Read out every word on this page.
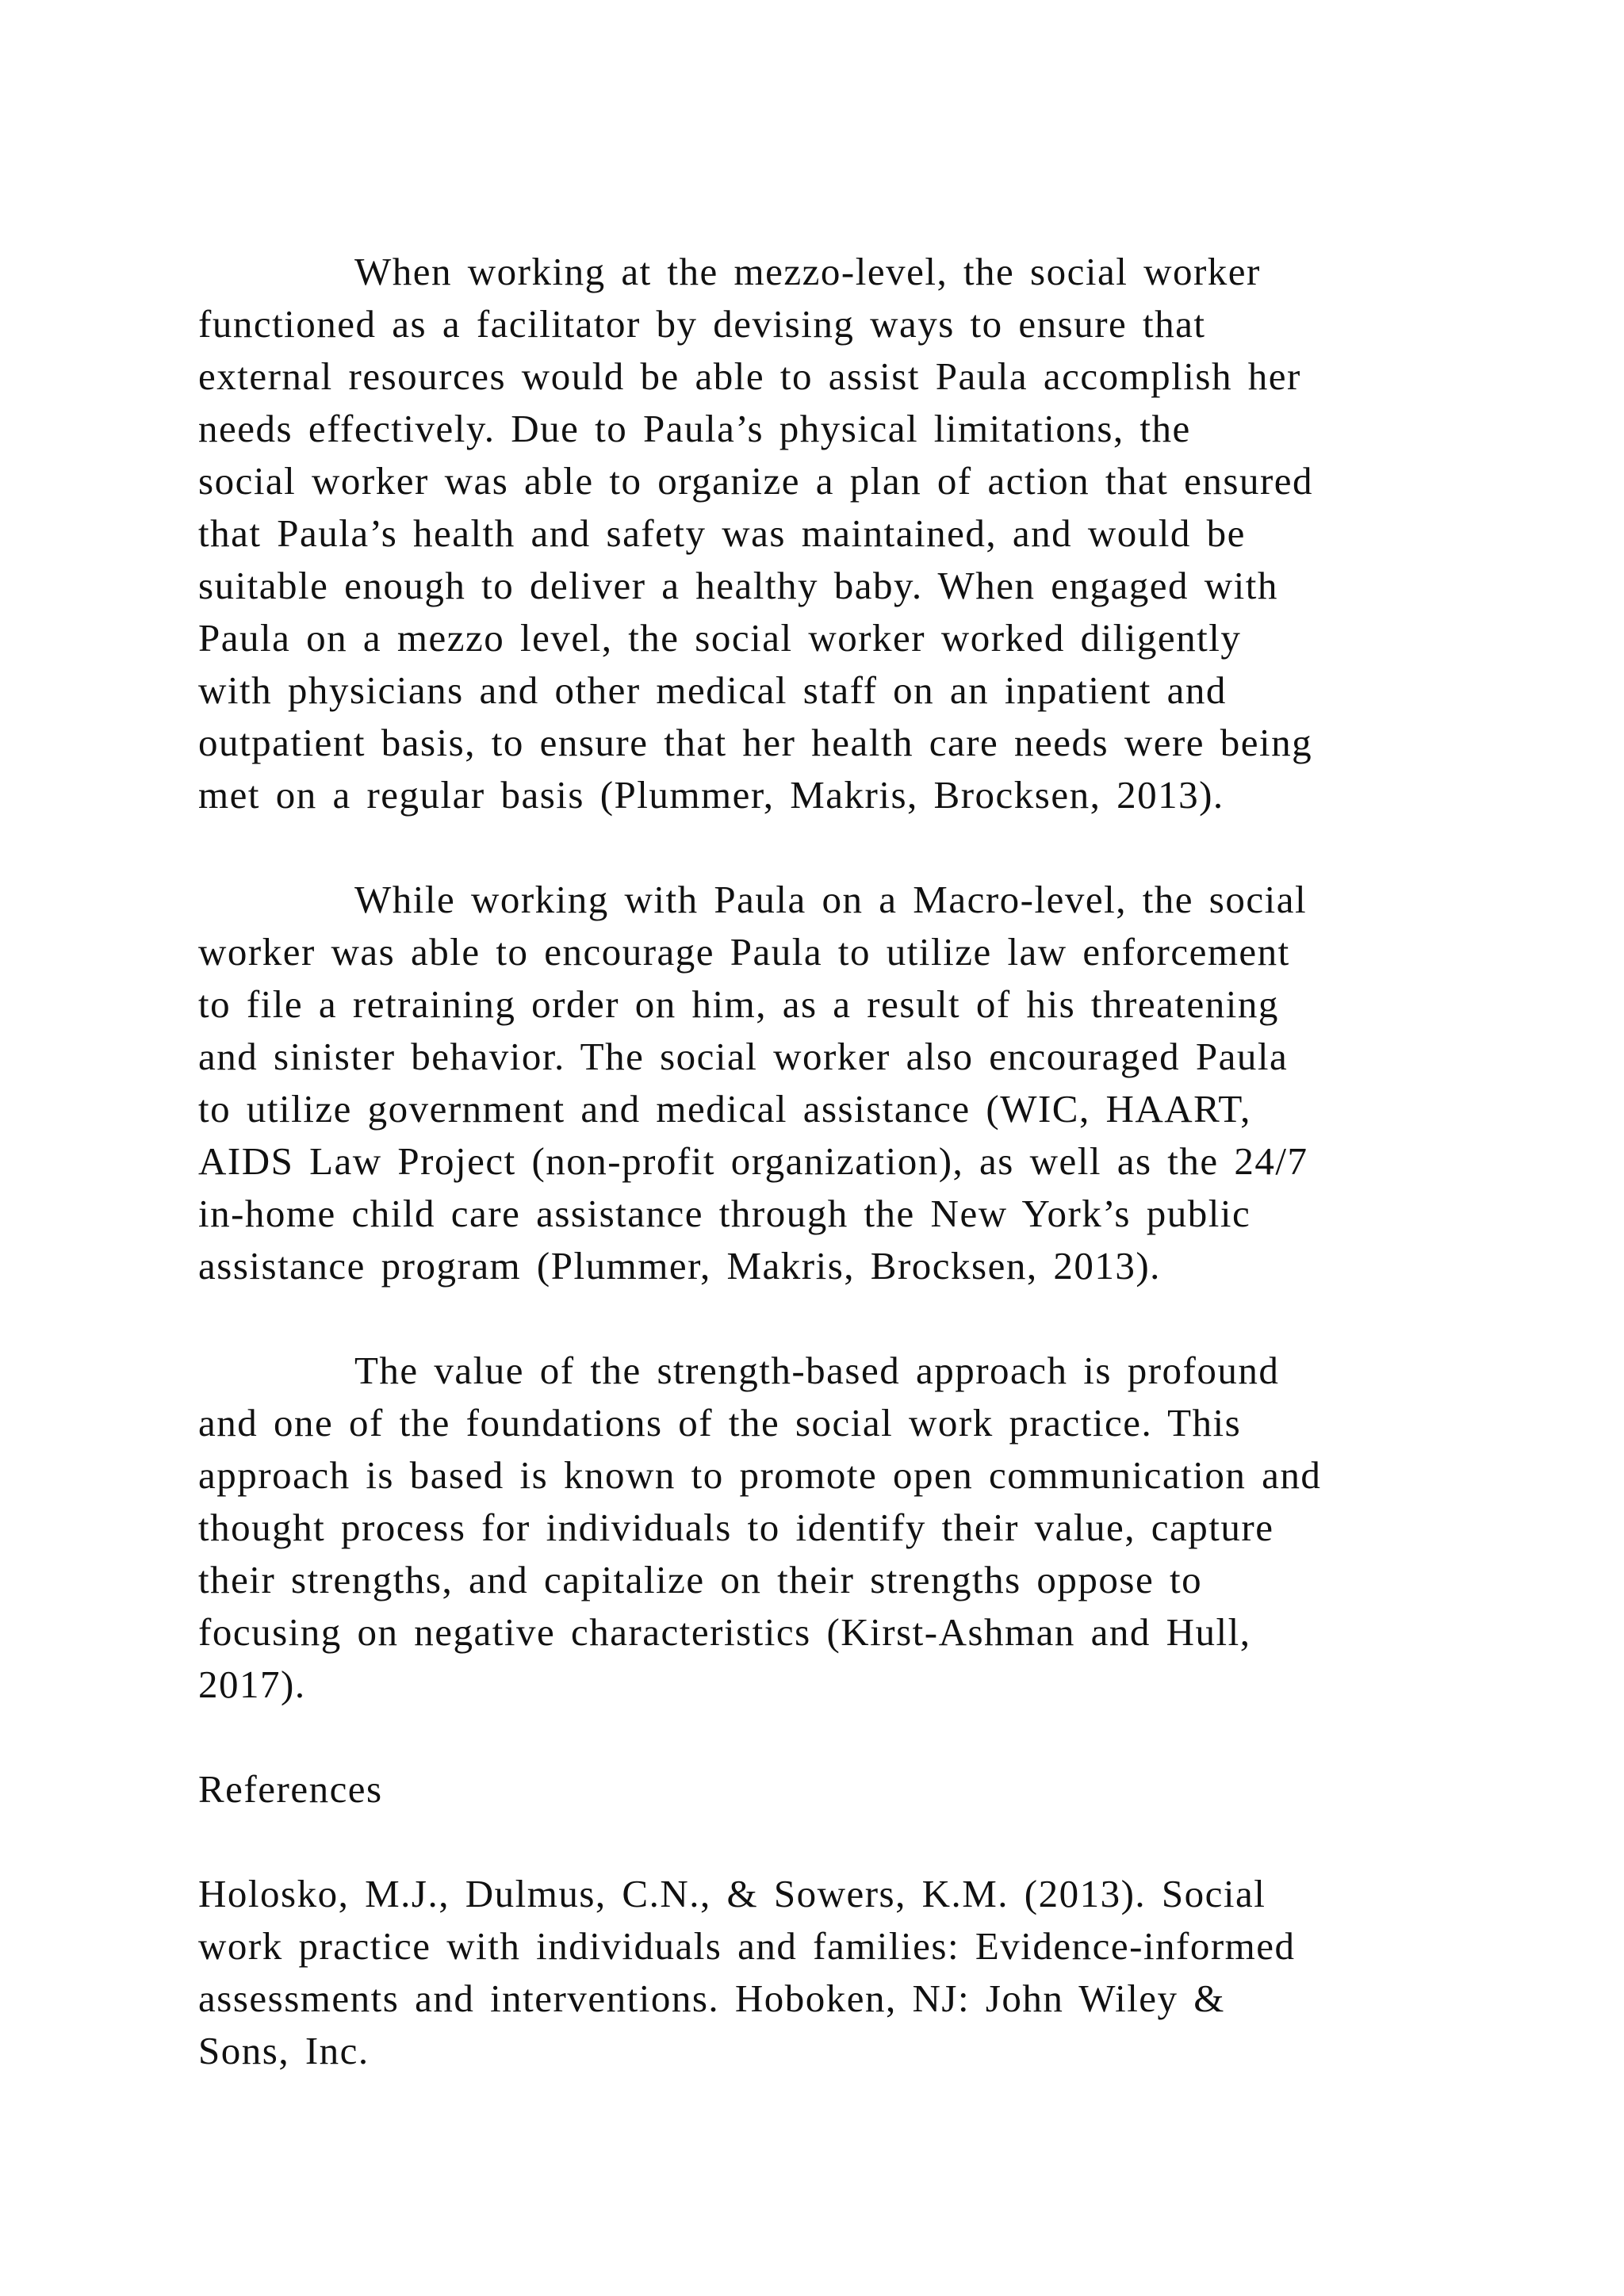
When working at the mezzo-level, the social worker
functioned as a facilitator by devising ways to ensure that
external resources would be able to assist Paula accomplish her
needs effectively. Due to Paula’s physical limitations, the
social worker was able to organize a plan of action that ensured
that Paula’s health and safety was maintained, and would be
suitable enough to deliver a healthy baby. When engaged with
Paula on a mezzo level, the social worker worked diligently
with physicians and other medical staff on an inpatient and
outpatient basis, to ensure that her health care needs were being
met on a regular basis (Plummer, Makris, Brocksen, 2013).

While working with Paula on a Macro-level, the social
worker was able to encourage Paula to utilize law enforcement
to file a retraining order on him, as a result of his threatening
and sinister behavior. The social worker also encouraged Paula
to utilize government and medical assistance (WIC, HAART,
AIDS Law Project (non-profit organization), as well as the 24/7
in-home child care assistance through the New York’s public
assistance program (Plummer, Makris, Brocksen, 2013).

The value of the strength-based approach is profound
and one of the foundations of the social work practice. This
approach is based is known to promote open communication and
thought process for individuals to identify their value, capture
their strengths, and capitalize on their strengths oppose to
focusing on negative characteristics (Kirst-Ashman and Hull,
2017).

References

Holosko, M.J., Dulmus, C.N., & Sowers, K.M. (2013). Social
work practice with individuals and families: Evidence-informed
assessments and interventions. Hoboken, NJ: John Wiley &
Sons, Inc.
